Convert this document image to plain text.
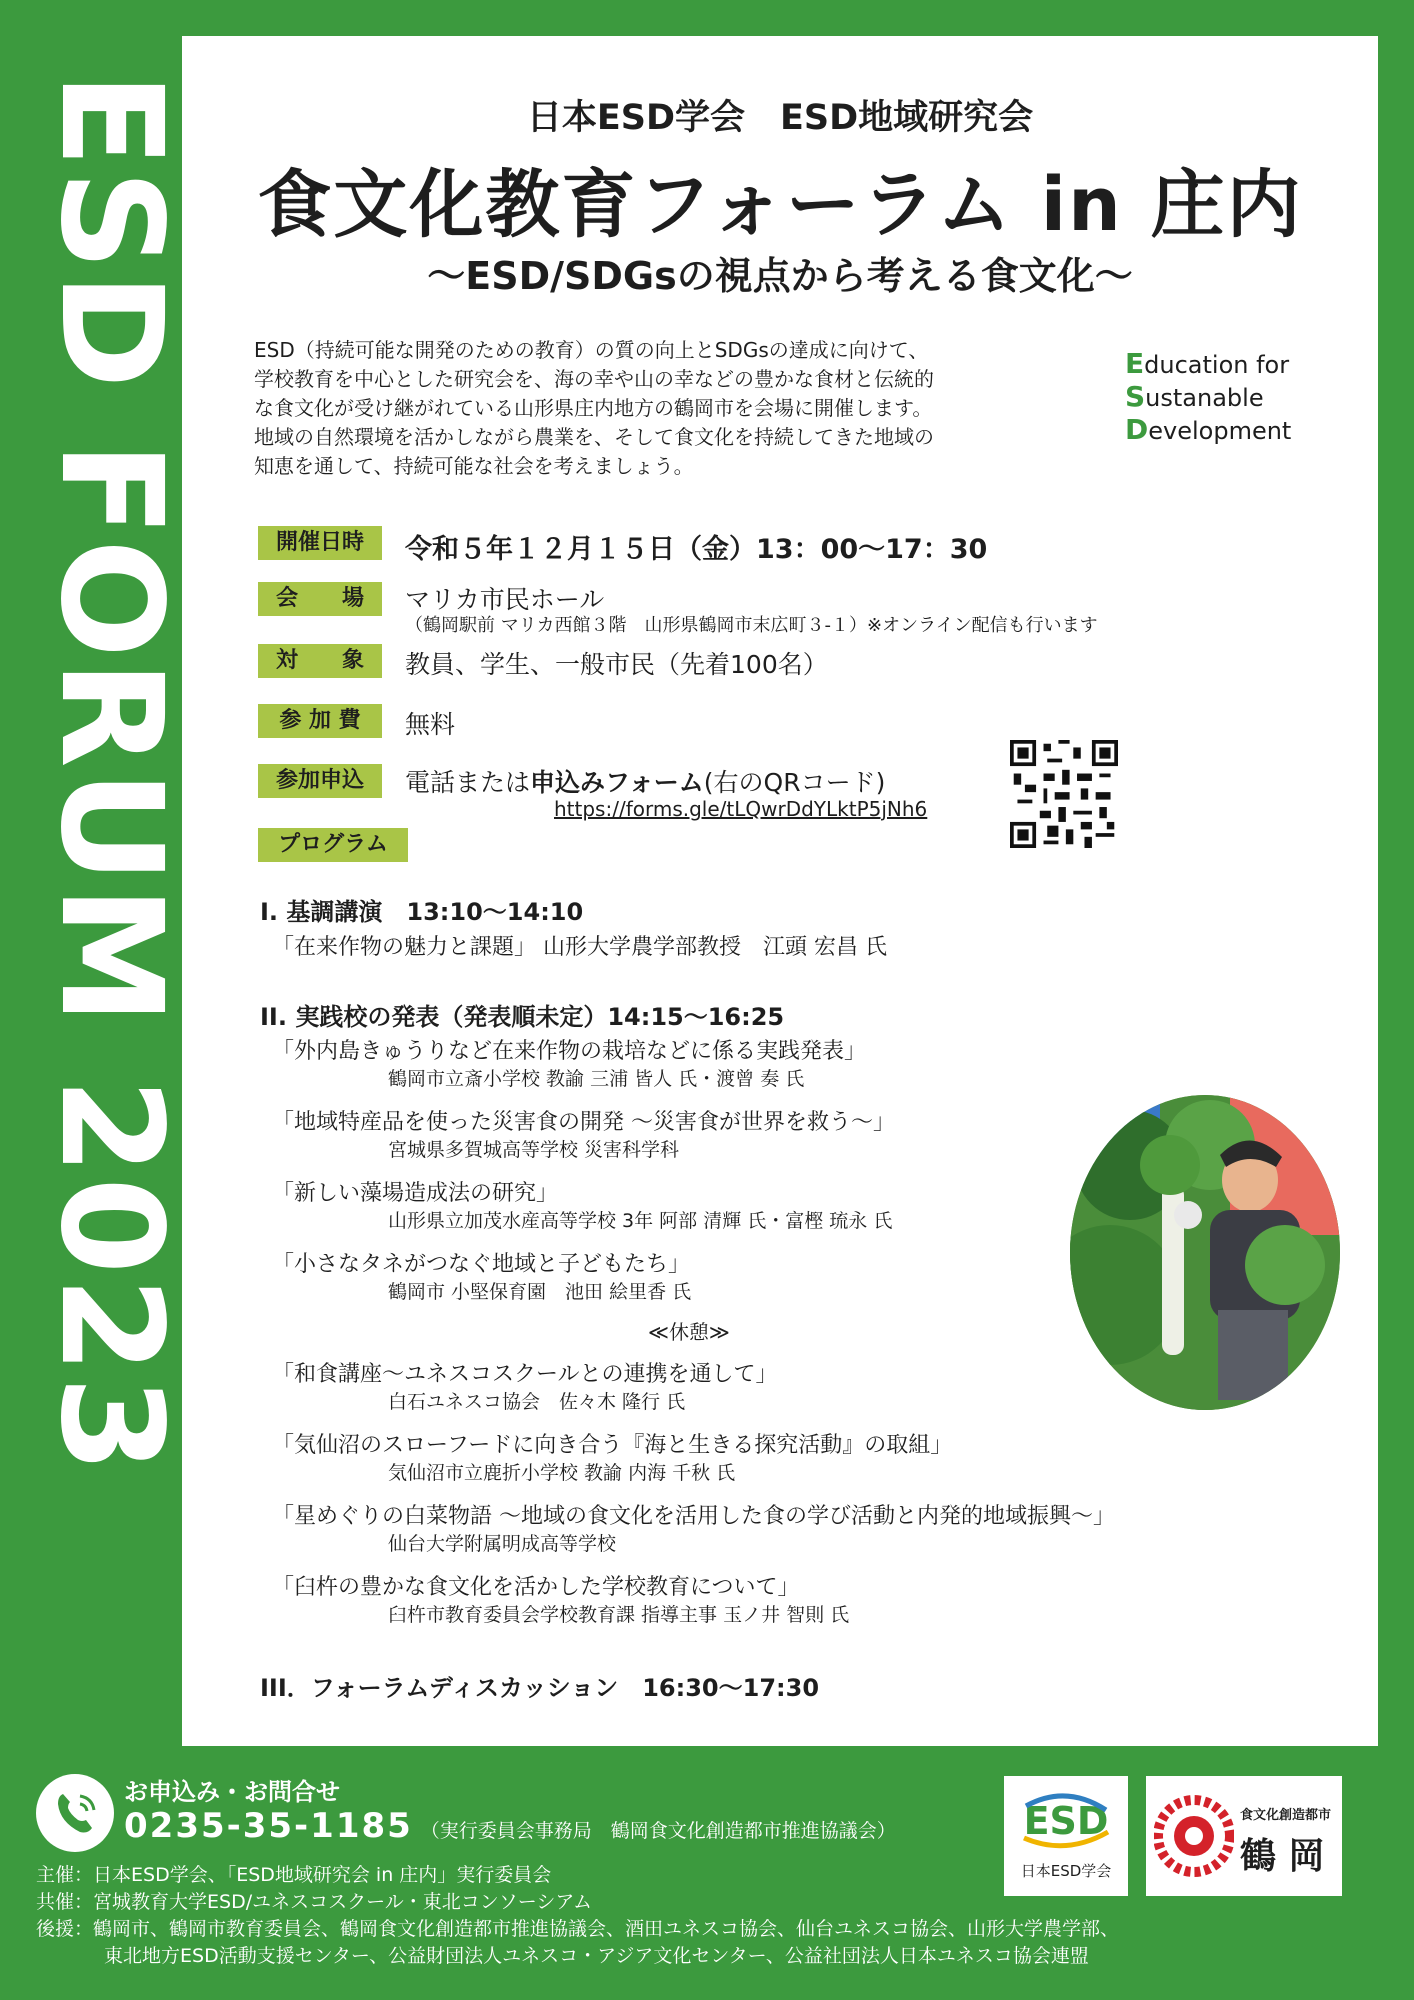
ESD FORUM 2023	日本ESD学会　ESD地域研究会
食文化教育フォーラム in 庄内
〜ESD/SDGsの視点から考える食文化〜
ESD（持続可能な開発のための教育）の質の向上とSDGsの達成に向けて、
学校教育を中心とした研究会を、海の幸や山の幸などの豊かな食材と伝統的
な食文化が受け継がれている山形県庄内地方の鶴岡市を会場に開催します。
地域の自然環境を活かしながら農業を、そして食文化を持続してきた地域の
知恵を通して、持続可能な社会を考えましょう。
Education for
Sustanable
Development
開催日時	令和５年１２月１５日（金）13：00〜17：30
会　　場	マリカ市民ホール
（鶴岡駅前 マリカ西館３階　山形県鶴岡市末広町３-１）※オンライン配信も行います
対　　象	教員、学生、一般市民（先着100名）
参 加 費	無料
参加申込	電話または申込みフォーム(右のQRコード)
https://forms.gle/tLQwrDdYLktP5jNh6
プログラム
I. 基調講演　13:10〜14:10
「在来作物の魅力と課題」 山形大学農学部教授　江頭 宏昌 氏
II. 実践校の発表（発表順未定）14:15〜16:25
「外内島きゅうりなど在来作物の栽培などに係る実践発表」
鶴岡市立斎小学校 教諭 三浦 皆人 氏・渡曾 奏 氏
「地域特産品を使った災害食の開発 〜災害食が世界を救う〜」
宮城県多賀城高等学校 災害科学科
「新しい藻場造成法の研究」
山形県立加茂水産高等学校 3年 阿部 清輝 氏・富樫 琉永 氏
「小さなタネがつなぐ地域と子どもたち」
鶴岡市 小堅保育園　池田 絵里香 氏
≪休憩≫
「和食講座〜ユネスコスクールとの連携を通して」
白石ユネスコ協会　佐々木 隆行 氏
「気仙沼のスローフードに向き合う『海と生きる探究活動』の取組」
気仙沼市立鹿折小学校 教諭 内海 千秋 氏
「星めぐりの白菜物語 〜地域の食文化を活用した食の学び活動と内発的地域振興〜」
仙台大学附属明成高等学校
「臼杵の豊かな食文化を活かした学校教育について」
臼杵市教育委員会学校教育課 指導主事 玉ノ井 智則 氏
III．フォーラムディスカッション　16:30〜17:30
お申込み・お問合せ
0235-35-1185 （実行委員会事務局　鶴岡食文化創造都市推進協議会）
主催：日本ESD学会、「ESD地域研究会 in 庄内」実行委員会
共催：宮城教育大学ESD/ユネスコスクール・東北コンソーシアム
後援：鶴岡市、鶴岡市教育委員会、鶴岡食文化創造都市推進協議会、酒田ユネスコ協会、仙台ユネスコ協会、山形大学農学部、
東北地方ESD活動支援センター、公益財団法人ユネスコ・アジア文化センター、公益社団法人日本ユネスコ協会連盟
ESD
日本ESD学会
食文化創造都市
鶴 岡
